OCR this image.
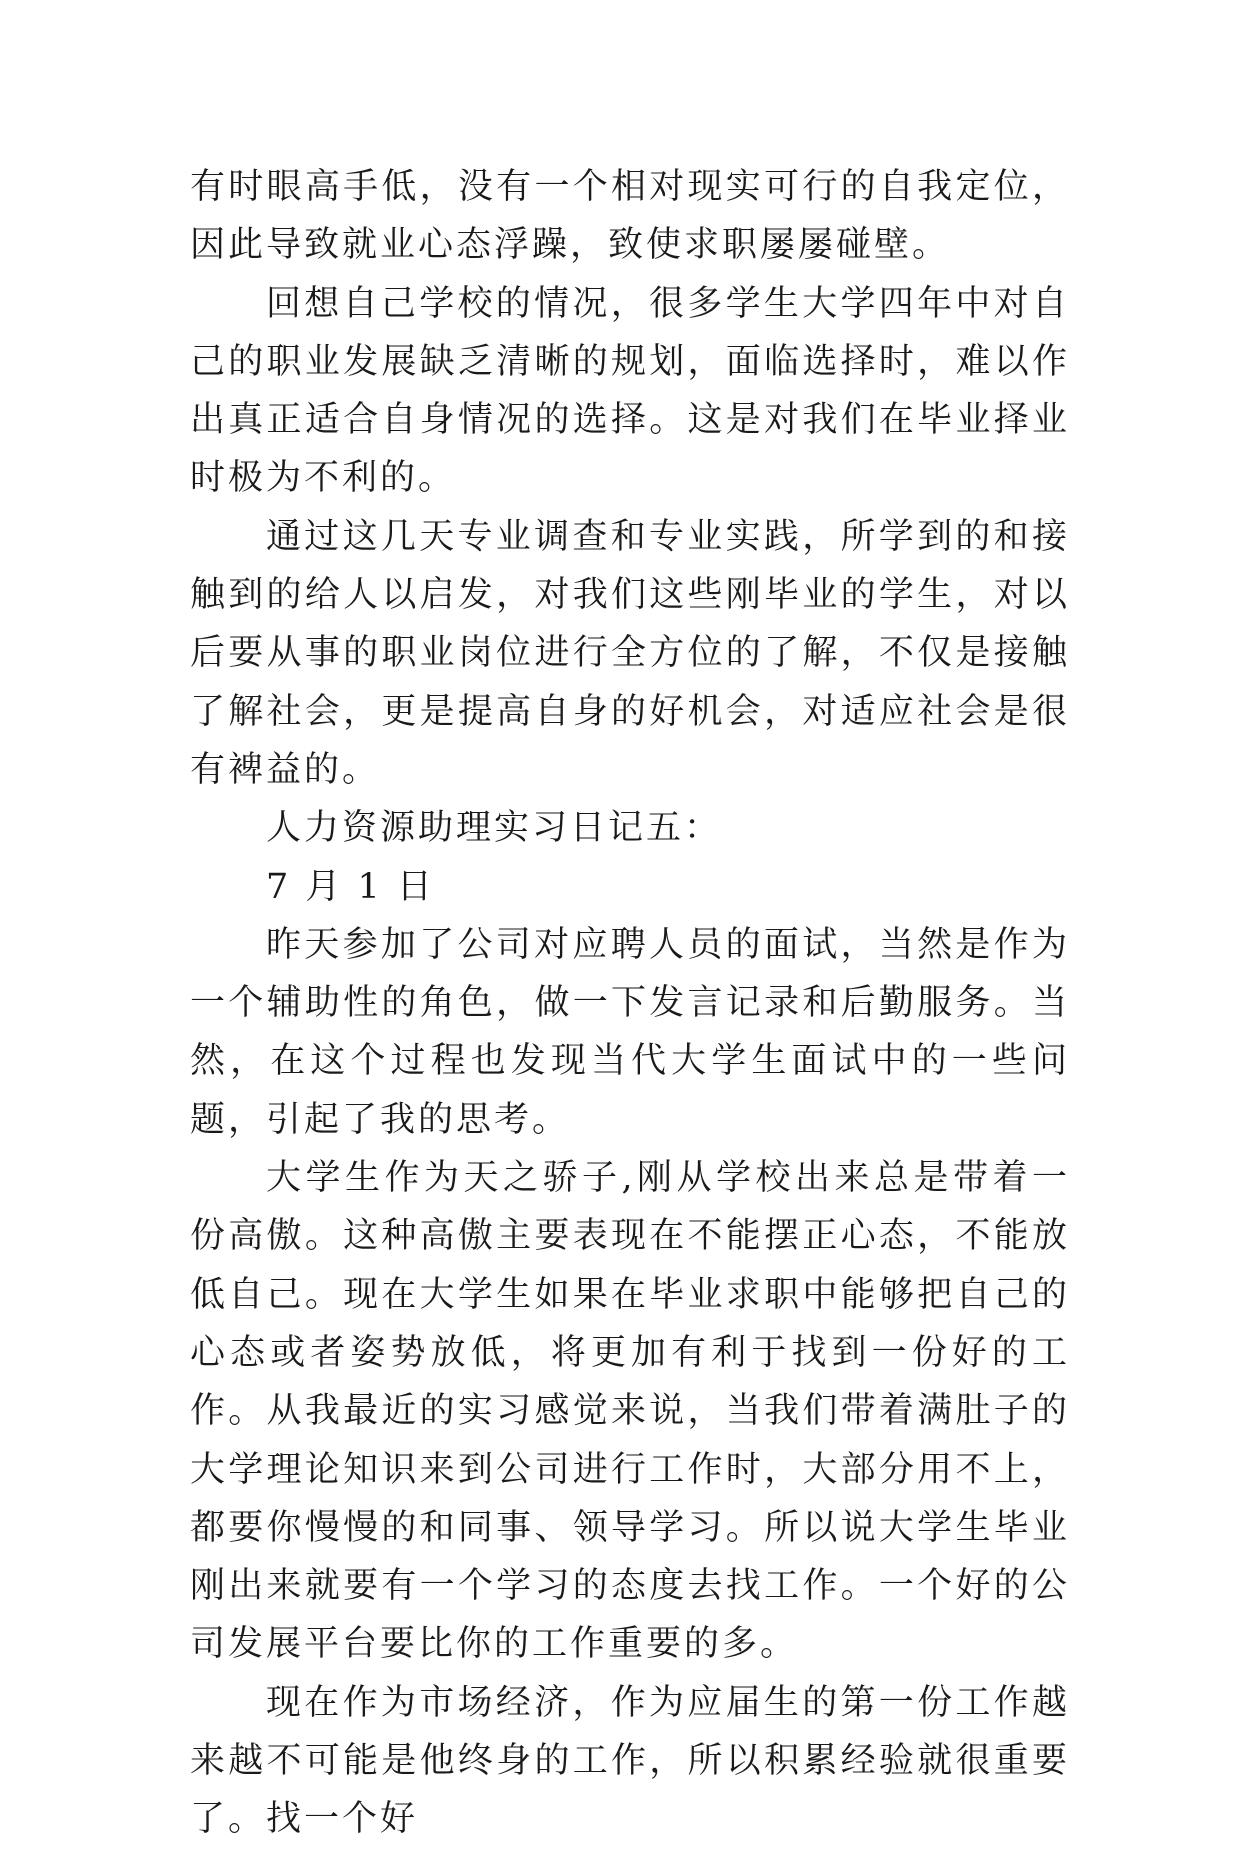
有时眼高手低，没有一个相对现实可行的自我定位，因此导致就业心态浮躁，致使求职屡屡碰壁。

回想自己学校的情况，很多学生大学四年中对自己的职业发展缺乏清晰的规划，面临选择时，难以作出真正适合自身情况的选择。这是对我们在毕业择业时极为不利的。

通过这几天专业调查和专业实践，所学到的和接触到的给人以启发，对我们这些刚毕业的学生，对以后要从事的职业岗位进行全方位的了解，不仅是接触了解社会，更是提高自身的好机会，对适应社会是很有裨益的。

人力资源助理实习日记五：

7 月 1 日

昨天参加了公司对应聘人员的面试，当然是作为一个辅助性的角色，做一下发言记录和后勤服务。当然，在这个过程也发现当代大学生面试中的一些问题，引起了我的思考。

大学生作为天之骄子,刚从学校出来总是带着一份高傲。这种高傲主要表现在不能摆正心态，不能放低自己。现在大学生如果在毕业求职中能够把自己的心态或者姿势放低，将更加有利于找到一份好的工作。从我最近的实习感觉来说，当我们带着满肚子的大学理论知识来到公司进行工作时，大部分用不上，都要你慢慢的和同事、领导学习。所以说大学生毕业刚出来就要有一个学习的态度去找工作。一个好的公司发展平台要比你的工作重要的多。

现在作为市场经济，作为应届生的第一份工作越来越不可能是他终身的工作，所以积累经验就很重要了。找一个好
